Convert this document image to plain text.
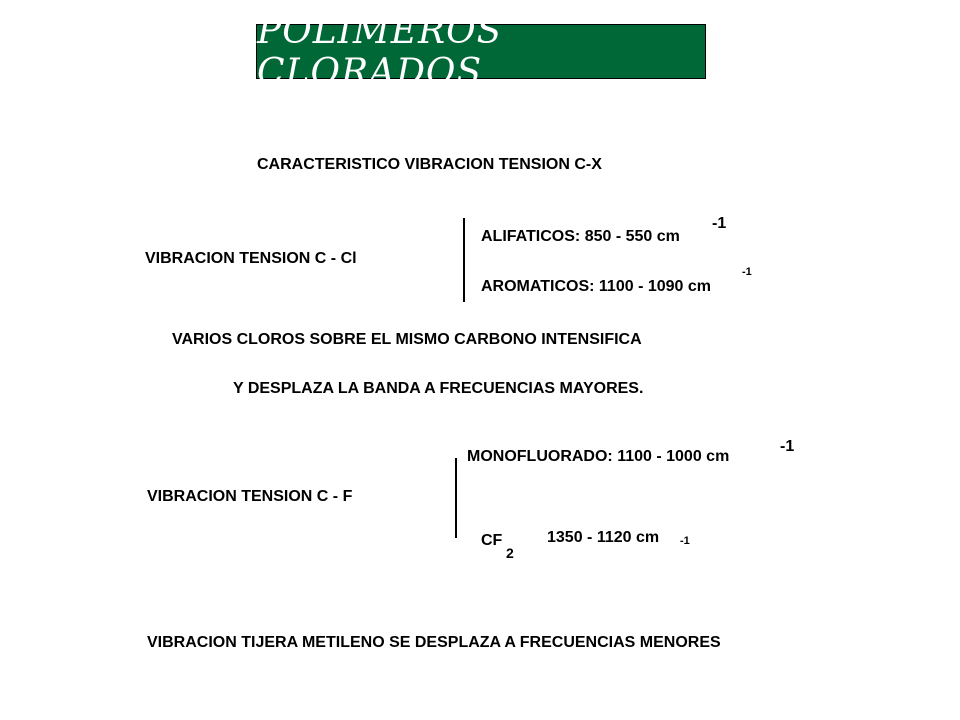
POLIMEROS CLORADOS
CARACTERISTICO VIBRACION TENSION C-X
VIBRACION TENSION C - Cl
ALIFATICOS: 850 - 550 cm
-1
AROMATICOS: 1100 - 1090 cm
-1
VARIOS CLOROS SOBRE EL MISMO CARBONO INTENSIFICA
Y DESPLAZA LA BANDA A FRECUENCIAS MAYORES.
VIBRACION TENSION C - F
MONOFLUORADO: 1100 - 1000 cm
-1
CF
2
1350 - 1120 cm -1
VIBRACION TIJERA METILENO SE DESPLAZA A FRECUENCIAS MENORES
